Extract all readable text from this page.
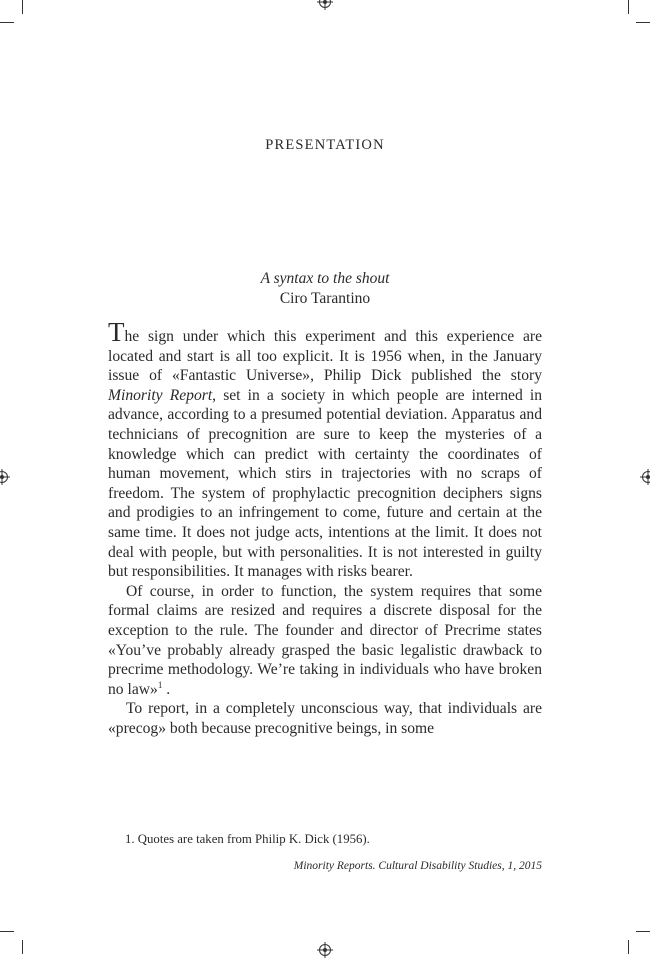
PRESENTATION
A syntax to the shout
Ciro Tarantino

The sign under which this experiment and this experience are located and start is all too explicit. It is 1956 when, in the January issue of «Fantastic Universe», Philip Dick published the story Minority Report, set in a society in which people are interned in advance, according to a presumed potential deviation. Apparatus and technicians of precognition are sure to keep the mysteries of a knowledge which can predict with certainty the coordinates of human movement, which stirs in trajectories with no scraps of freedom. The system of prophylactic precognition deciphers signs and prodigies to an infringement to come, future and certain at the same time. It does not judge acts, intentions at the limit. It does not deal with people, but with personalities. It is not interested in guilty but responsibilities. It manages with risks bearer.

Of course, in order to function, the system requires that some formal claims are resized and requires a discrete disposal for the exception to the rule. The founder and director of Precrime states «You’ve probably already grasped the basic legalistic drawback to precrime methodology. We’re taking in individuals who have broken no law»$^1$ .

To report, in a completely unconscious way, that individuals are «precog» both because precognitive beings, in some

1. Quotes are taken from Philip K. Dick (1956).
Minority Reports. Cultural Disability Studies, 1, 2015
